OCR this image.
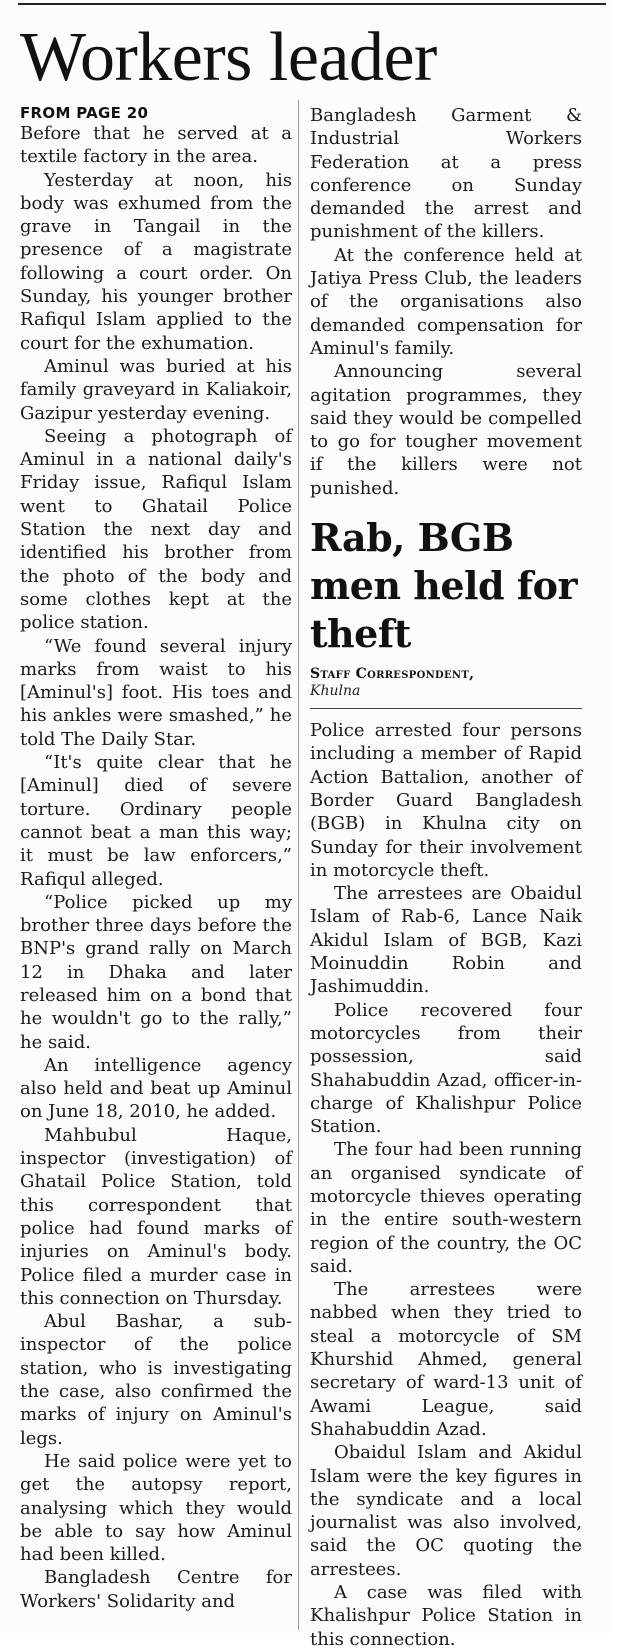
Workers leader
FROM PAGE 20

Before that he served at a textile factory in the area.

Yesterday at noon, his body was exhumed from the grave in Tangail in the presence of a magistrate following a court order. On Sunday, his younger brother Rafiqul Islam applied to the court for the exhumation.

Aminul was buried at his family graveyard in Kaliakoir, Gazipur yesterday evening.

Seeing a photograph of Aminul in a national daily's Friday issue, Rafiqul Islam went to Ghatail Police Station the next day and identified his brother from the photo of the body and some clothes kept at the police station.

“We found several injury marks from waist to his [Aminul's] foot. His toes and his ankles were smashed,” he told The Daily Star.

“It's quite clear that he [Aminul] died of severe torture. Ordinary people cannot beat a man this way; it must be law enforcers,” Rafiqul alleged.

“Police picked up my brother three days before the BNP's grand rally on March 12 in Dhaka and later released him on a bond that he wouldn't go to the rally,” he said.

An intelligence agency also held and beat up Aminul on June 18, 2010, he added.

Mahbubul Haque, inspector (investigation) of Ghatail Police Station, told this correspondent that police had found marks of injuries on Aminul's body. Police filed a murder case in this connection on Thursday.

Abul Bashar, a sub-inspector of the police station, who is investigating the case, also confirmed the marks of injury on Aminul's legs.

He said police were yet to get the autopsy report, analysing which they would be able to say how Aminul had been killed.

Bangladesh Centre for Workers' Solidarity and

Bangladesh Garment & Industrial Workers Federation at a press conference on Sunday demanded the arrest and punishment of the killers.

At the conference held at Jatiya Press Club, the leaders of the organisations also demanded compensation for Aminul's family.

Announcing several agitation programmes, they said they would be compelled to go for tougher movement if the killers were not punished.

Rab, BGB men held for theft
Staff Correspondent,
Khulna

Police arrested four persons including a member of Rapid Action Battalion, another of Border Guard Bangladesh (BGB) in Khulna city on Sunday for their involvement in motorcycle theft.

The arrestees are Obaidul Islam of Rab-6, Lance Naik Akidul Islam of BGB, Kazi Moinuddin Robin and Jashimuddin.

Police recovered four motorcycles from their possession, said Shahabuddin Azad, officer-in-charge of Khalishpur Police Station.

The four had been running an organised syndicate of motorcycle thieves operating in the entire south-western region of the country, the OC said.

The arrestees were nabbed when they tried to steal a motorcycle of SM Khurshid Ahmed, general secretary of ward-13 unit of Awami League, said Shahabuddin Azad.

Obaidul Islam and Akidul Islam were the key figures in the syndicate and a local journalist was also involved, said the OC quoting the arrestees.

A case was filed with Khalishpur Police Station in this connection.
